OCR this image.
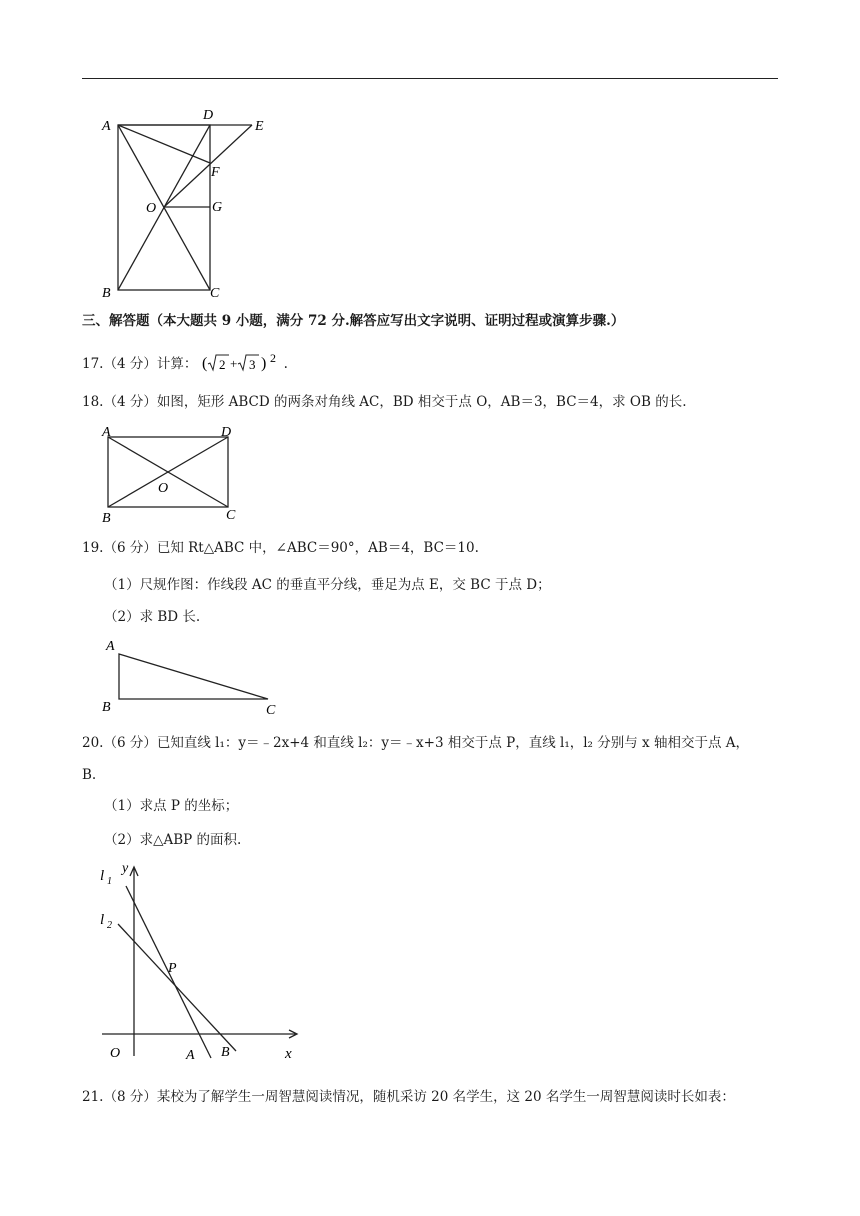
A
D
E
F
O	G
B	C
三、解答题（本大题共 9 小题，满分 72 分.解答应写出文字说明、证明过程或演算步骤.）
17.（4 分）计算： ( 2 + 3 ) 2 .
18.（4 分）如图，矩形 ABCD 的两条对角线 AC，BD 相交于点 O，AB＝3，BC＝4，求 OB 的长.
A	D
O
B	C
19.（6 分）已知 Rt△ABC 中，∠ABC＝90°，AB＝4，BC＝10.
（1）尺规作图：作线段 AC 的垂直平分线，垂足为点 E，交 BC 于点 D；
（2）求 BD 长.
A
B	C
20.（6 分）已知直线 l₁：y＝﹣2x+4 和直线 l₂：y＝﹣x+3 相交于点 P，直线 l₁，l₂ 分别与 x 轴相交于点 A，
B.
（1）求点 P 的坐标；
（2）求△ABP 的面积.
l 1
y
l 2
P
O	A B	x
21.（8 分）某校为了解学生一周智慧阅读情况，随机采访 20 名学生，这 20 名学生一周智慧阅读时长如表：
